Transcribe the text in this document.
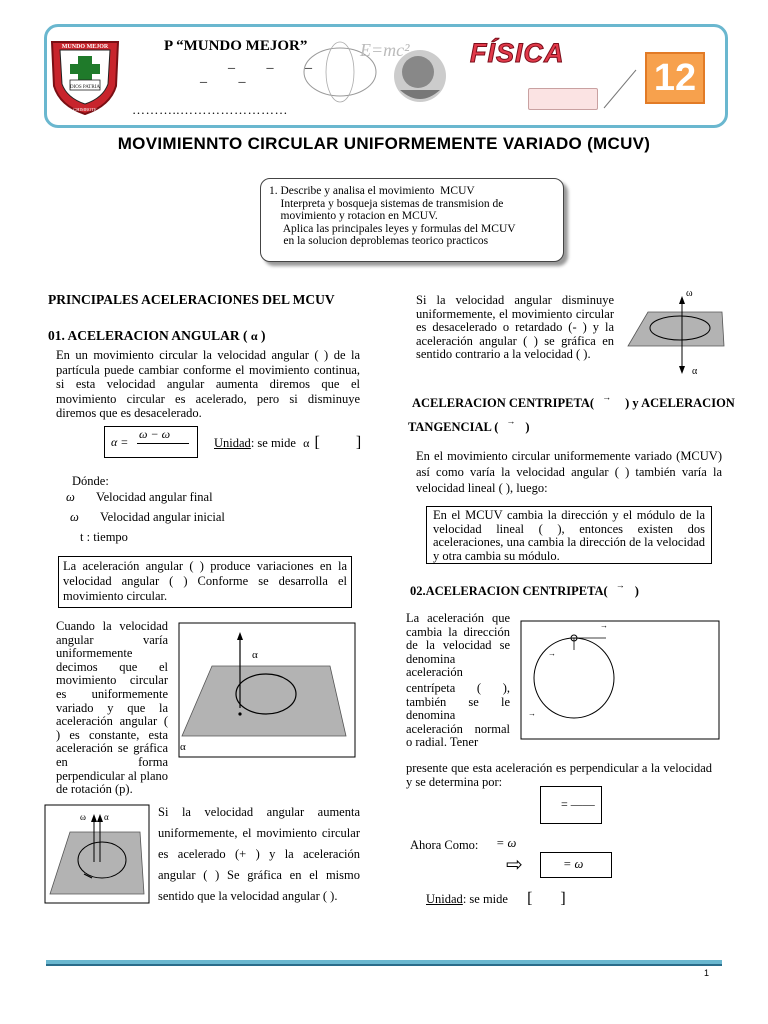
MUNDO MEJOR
DIOS PATRIA
CHIMBOTE
P “MUNDO MEJOR”
_ _ _
_ _
………..……………………
E=mc² FÍSICA
12
MOVIMIENNTO CIRCULAR UNIFORMEMENTE VARIADO (MCUV)
1. Describe y analisa el movimiento  MCUV
Interpreta y bosqueja sistemas de transmision de
movimiento y rotacion en MCUV.
Aplica las principales leyes y formulas del MCUV
en la solucion deproblemas teorico practicos
PRINCIPALES ACELERACIONES DEL MCUV
01. ACELERACION ANGULAR ( α )
En un movimiento circular la velocidad angular ( ) de la partícula puede cambiar conforme el movimiento continua, si esta velocidad angular aumenta diremos que el movimiento circular es acelerado, pero si disminuye diremos que es desacelerado.
α =
ω − ω
Unidad: se mide α [ ]
Dónde:
ω Velocidad angular final
ω Velocidad angular inicial
t : tiempo
La aceleración angular ( ) produce variaciones en la velocidad angular ( ) Conforme se desarrolla el movimiento circular.
Cuando la velocidad angular varía uniformemente decimos que el movimiento circular es uniformemente variado y que la aceleración angular ( ) es constante, esta aceleración se gráfica en forma perpendicular al plano de rotación (p).
α
α
ω α	Si la velocidad angular aumenta uniformemente, el movimiento circular es acelerado (+ ) y la aceleración angular ( ) Se gráfica en el mismo sentido que la velocidad angular ( ).
Si la velocidad angular disminuye uniformemente, el movimiento circular es desacelerado o retardado (- ) y la aceleración angular ( ) se gráfica en sentido contrario a la velocidad ( ).
ω
α
ACELERACION CENTRIPETA( → ) y ACELERACION
TANGENCIAL ( → )
En el movimiento circular uniformemente variado (MCUV) así como varía la velocidad angular ( ) también varía la velocidad lineal ( ), luego:
En el MCUV cambia la dirección y el módulo de la velocidad lineal ( ), entonces existen dos aceleraciones, una cambia la dirección de la velocidad y otra cambia su módulo.
02.ACELERACION CENTRIPETA( → )
La aceleración que cambia la dirección de la velocidad se denomina aceleración
→
→
→
centrípeta ( ), también se le denomina aceleración normal o radial. Tener
presente que esta aceleración es perpendicular a la velocidad y se determina por:
= ——
Ahora Como: = ω
⇨	= ω
Unidad: se mide [ ]
1
